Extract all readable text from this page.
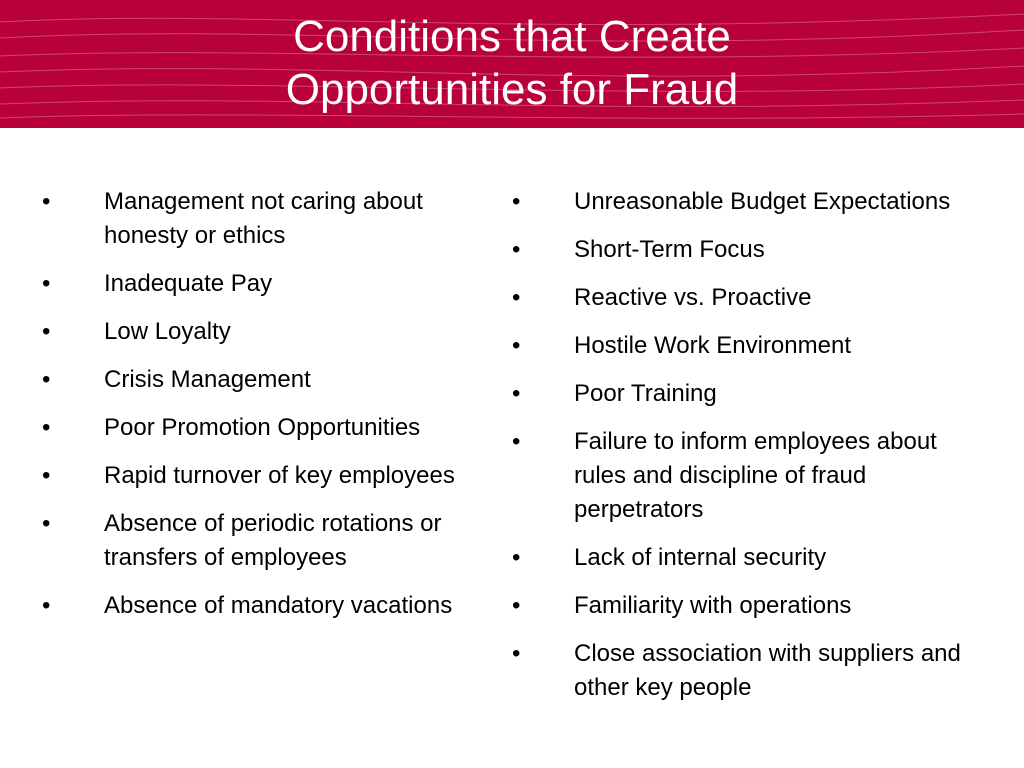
Conditions that Create
Opportunities for Fraud
•	Management not caring about honesty or ethics
•	Inadequate Pay
•	Low Loyalty
•	Crisis Management
•	Poor Promotion Opportunities
•	Rapid turnover of key employees
•	Absence of periodic rotations or transfers of employees
•	Absence of mandatory vacations
•	Unreasonable Budget Expectations
•	Short-Term Focus
•	Reactive vs. Proactive
•	Hostile Work Environment
•	Poor Training
•	Failure to inform employees about rules and discipline of fraud perpetrators
•	Lack of internal security
•	Familiarity with operations
•	Close association with suppliers and other key people
